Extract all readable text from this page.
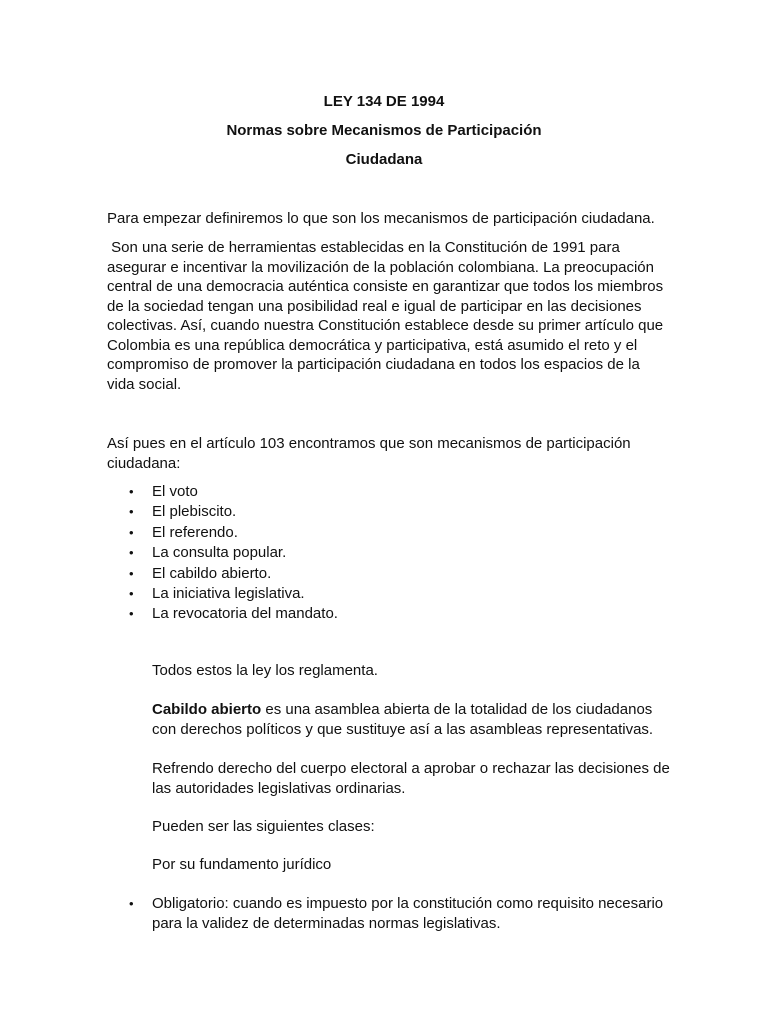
LEY 134 DE 1994
Normas sobre Mecanismos de Participación
Ciudadana

Para empezar definiremos lo que son los mecanismos de participación ciudadana.

Son una serie de herramientas establecidas en la Constitución de 1991 para asegurar e incentivar la movilización de la población colombiana. La preocupación central de una democracia auténtica consiste en garantizar que todos los miembros de la sociedad tengan una posibilidad real e igual de participar en las decisiones colectivas. Así, cuando nuestra Constitución establece desde su primer artículo que Colombia es una república democrática y participativa, está asumido el reto y el compromiso de promover la participación ciudadana en todos los espacios de la vida social.

Así pues en el artículo 103 encontramos que son mecanismos de participación ciudadana:

• El voto
• El plebiscito.
• El referendo.
• La consulta popular.
• El cabildo abierto.
• La iniciativa legislativa.
• La revocatoria del mandato.

Todos estos la ley los reglamenta.

Cabildo abierto es una asamblea abierta de la totalidad de los ciudadanos con derechos políticos y que sustituye así a las asambleas representativas.

Refrendo derecho del cuerpo electoral a aprobar o rechazar las decisiones de las autoridades legislativas ordinarias.

Pueden ser las siguientes clases:

Por su fundamento jurídico

• Obligatorio: cuando es impuesto por la constitución como requisito necesario para la validez de determinadas normas legislativas.
